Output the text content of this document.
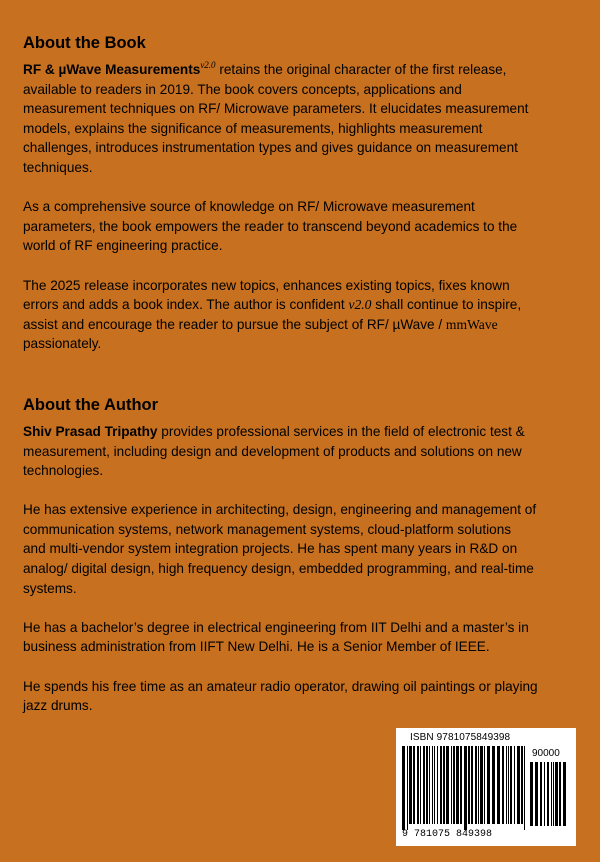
About the Book

RF & µWave Measurements$^{v2.0}$ retains the original character of the first release,
available to readers in 2019. The book covers concepts, applications and
measurement techniques on RF/ Microwave parameters. It elucidates measurement
models, explains the significance of measurements, highlights measurement
challenges, introduces instrumentation types and gives guidance on measurement
techniques.

As a comprehensive source of knowledge on RF/ Microwave measurement
parameters, the book empowers the reader to transcend beyond academics to the
world of RF engineering practice.

The 2025 release incorporates new topics, enhances existing topics, fixes known
errors and adds a book index. The author is confident v2.0 shall continue to inspire,
assist and encourage the reader to pursue the subject of RF/ µWave / mmWave
passionately.

About the Author

Shiv Prasad Tripathy provides professional services in the field of electronic test &
measurement, including design and development of products and solutions on new
technologies.

He has extensive experience in architecting, design, engineering and management of
communication systems, network management systems, cloud-platform solutions
and multi-vendor system integration projects. He has spent many years in R&D on
analog/ digital design, high frequency design, embedded programming, and real-time
systems.

He has a bachelor’s degree in electrical engineering from IIT Delhi and a master’s in
business administration from IIFT New Delhi. He is a Senior Member of IEEE.

He spends his free time as an amateur radio operator, drawing oil paintings or playing
jazz drums.

ISBN 9781075849398
90000
9 781075 849398
